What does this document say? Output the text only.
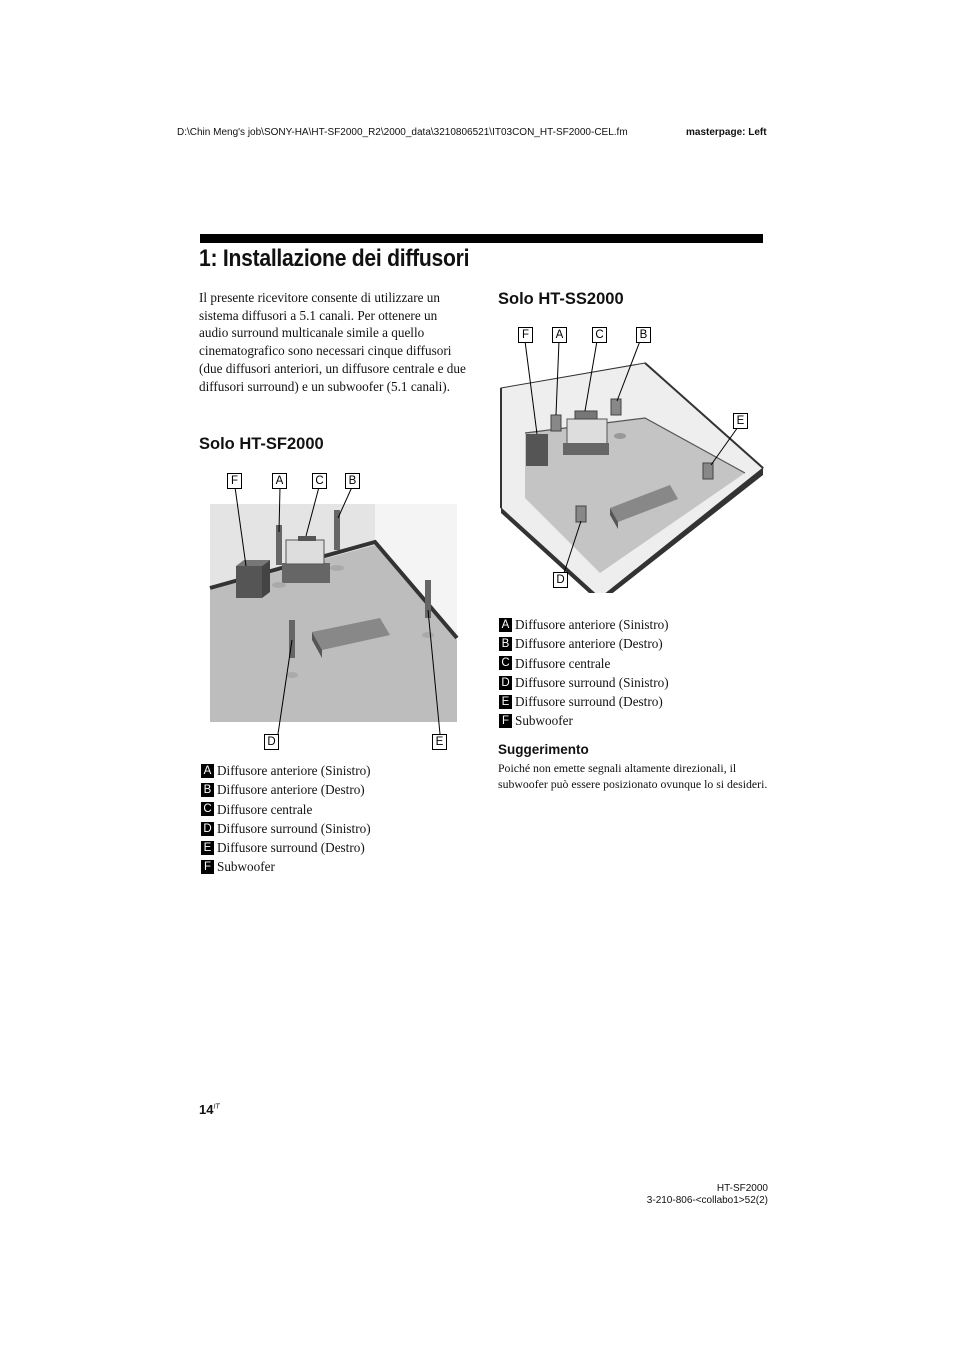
D:\Chin Meng's job\SONY-HA\HT-SF2000_R2\2000_data\3210806521\IT03CON_HT-SF2000-CEL.fm	masterpage: Left
1: Installazione dei diffusori
Il presente ricevitore consente di utilizzare un sistema diffusori a 5.1 canali. Per ottenere un audio surround multicanale simile a quello cinematografico sono necessari cinque diffusori (due diffusori anteriori, un diffusore centrale e due diffusori surround) e un subwoofer (5.1 canali).
Solo HT-SF2000
F	A	C	B
D	E
A Diffusore anteriore (Sinistro)
B Diffusore anteriore (Destro)
C Diffusore centrale
D Diffusore surround (Sinistro)
E Diffusore surround (Destro)
F Subwoofer
Solo HT-SS2000
F	A	C	B
E
D
A Diffusore anteriore (Sinistro)
B Diffusore anteriore (Destro)
C Diffusore centrale
D Diffusore surround (Sinistro)
E Diffusore surround (Destro)
F Subwoofer
Suggerimento
Poiché non emette segnali altamente direzionali, il subwoofer può essere posizionato ovunque lo si desideri.
$14^{IT}$
HT-SF2000
3-210-806-<collabo1>52(2)
